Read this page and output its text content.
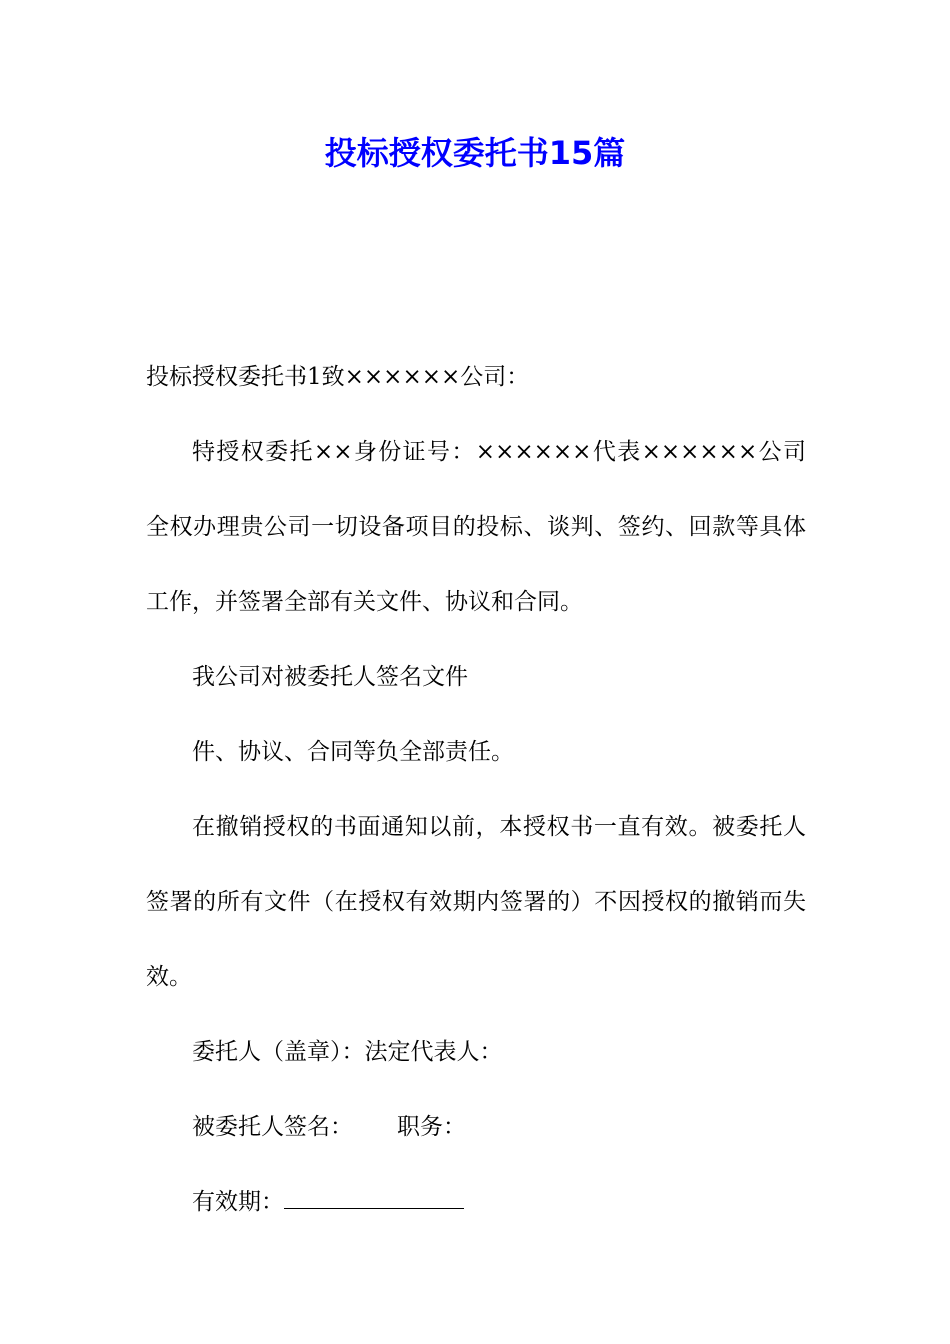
投标授权委托书15篇

投标授权委托书1致××××××公司：

特授权委托××身份证号：××××××代表××××××公司全权办理贵公司一切设备项目的投标、谈判、签约、回款等具体工作，并签署全部有关文件、协议和合同。

我公司对被委托人签名文件

件、协议、合同等负全部责任。

在撤销授权的书面通知以前，本授权书一直有效。被委托人签署的所有文件（在授权有效期内签署的）不因授权的撤销而失效。

委托人（盖章）：法定代表人：

被委托人签名： 职务：

有效期：
